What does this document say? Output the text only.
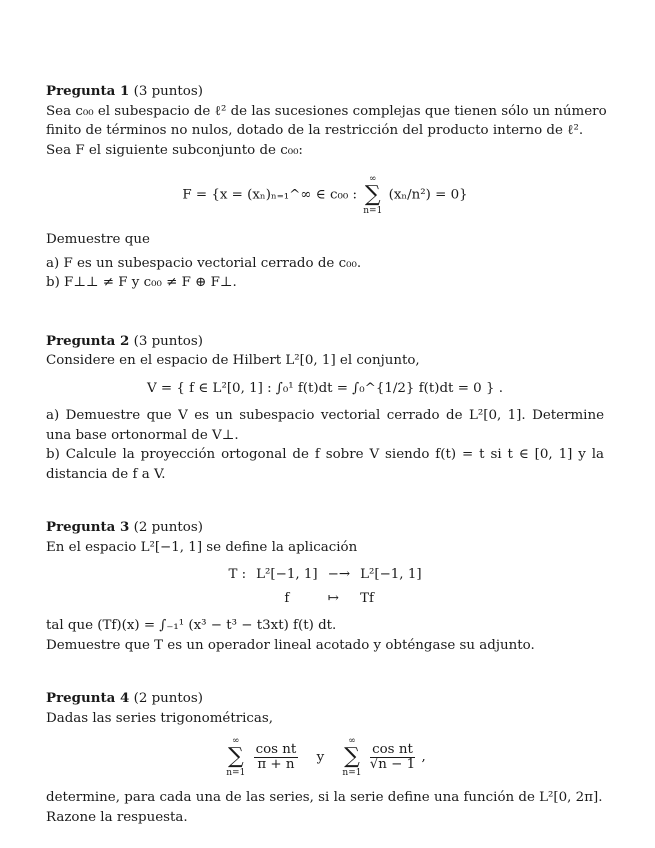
Pregunta 1 (3 puntos)
Sea c₀₀ el subespacio de ℓ² de las sucesiones complejas que tienen sólo un número
finito de términos no nulos, dotado de la restricción del producto interno de ℓ².
Sea F el siguiente subconjunto de c₀₀:
F = {x = (xₙ)ₙ₌₁^∞ ∈ c₀₀ :
∞
∑
n=1
(xₙ/n²) = 0}
Demuestre que
a) F es un subespacio vectorial cerrado de c₀₀.
b) F⊥⊥ ≠ F y c₀₀ ≠ F ⊕ F⊥.
Pregunta 2 (3 puntos)
Considere en el espacio de Hilbert L²[0, 1] el conjunto,
V = { f ∈ L²[0, 1] : ∫₀¹ f(t)dt = ∫₀^{1/2} f(t)dt = 0 } .
a) Demuestre que V es un subespacio vectorial cerrado de L²[0, 1]. Determine una base ortonormal de V⊥.
b) Calcule la proyección ortogonal de f sobre V siendo f(t) = t si t ∈ [0, 1] y la distancia de f a V.
Pregunta 3 (2 puntos)
En el espacio L²[−1, 1] se define la aplicación
T : L²[−1, 1] −→ L²[−1, 1]
f	↦	Tf
tal que (Tf)(x) = ∫₋₁¹ (x³ − t³ − t3xt) f(t) dt.
Demuestre que T es un operador lineal acotado y obténgase su adjunto.
Pregunta 4 (2 puntos)
Dadas las series trigonométricas,
∞
∑
n=1

$\frac{\text{cos nt}}{\pi + n}$ y
∞
∑
n=1

$\frac{\text{cos nt}}{√n - 1}$ ,
determine, para cada una de las series, si la serie define una función de L²[0, 2π].
Razone la respuesta.
